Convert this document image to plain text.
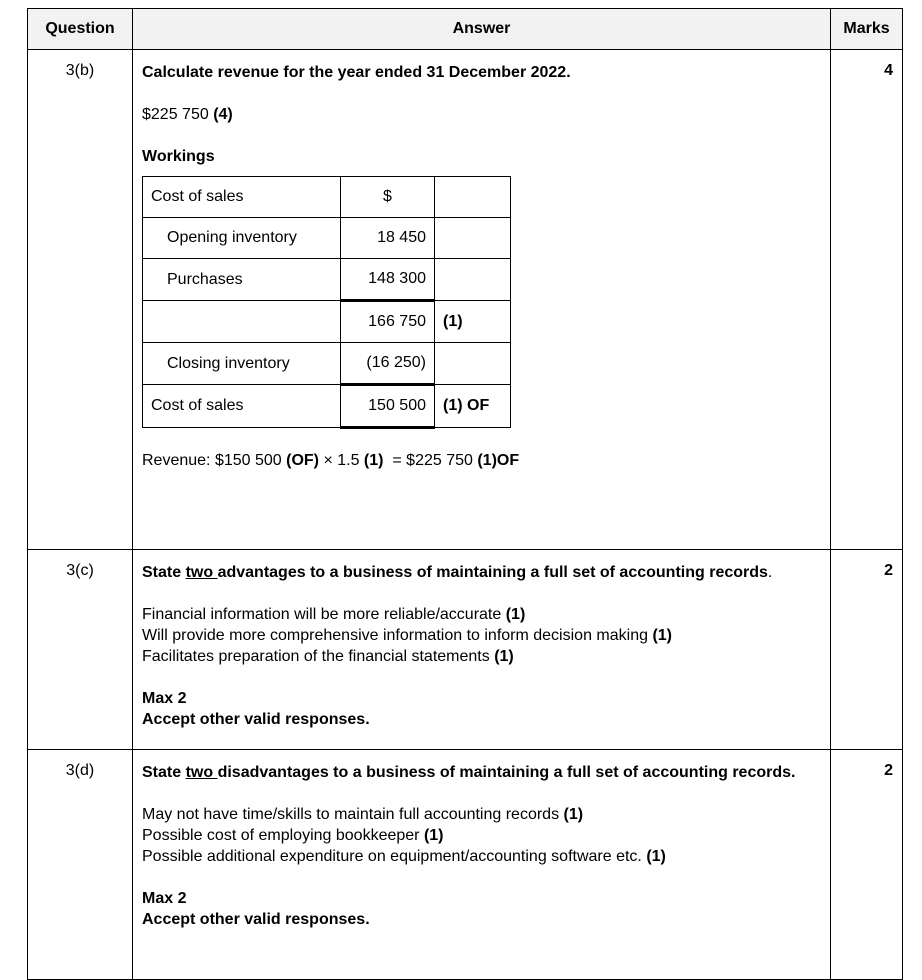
Question	Answer	Marks
3(b)	Calculate revenue for the year ended 31 December 2022.

$225 750 (4)

Workings

Cost of sales	$	
Opening inventory	18 450	
Purchases	148 300	
	166 750	(1)
Closing inventory	(16 250)	
Cost of sales	150 500	(1) OF

Revenue: $150 500 (OF) × 1.5 (1)  = $225 750 (1)OF

	4
3(c)	State two advantages to a business of maintaining a full set of accounting records.

Financial information will be more reliable/accurate (1)

Will provide more comprehensive information to inform decision making (1)

Facilitates preparation of the financial statements (1)

Max 2

Accept other valid responses.

	2
3(d)	State two disadvantages to a business of maintaining a full set of accounting records.

May not have time/skills to maintain full accounting records (1)

Possible cost of employing bookkeeper (1)

Possible additional expenditure on equipment/accounting software etc. (1)

Max 2

Accept other valid responses.

	2
